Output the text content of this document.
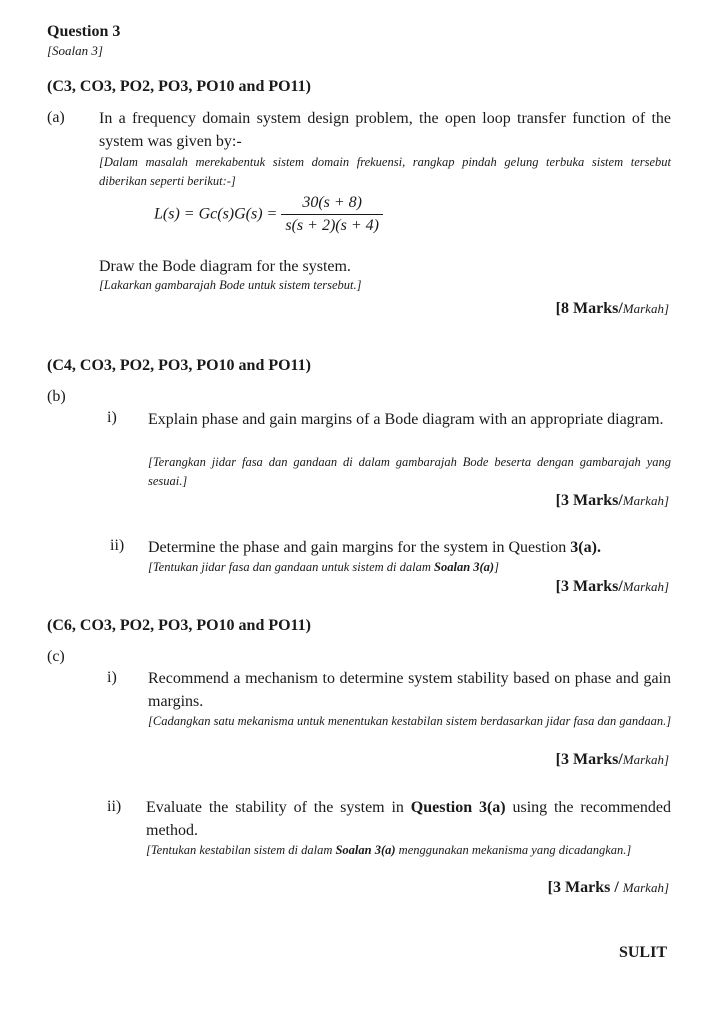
Question 3
[Soalan 3]
(C3, CO3, PO2, PO3, PO10 and PO11)
(a) In a frequency domain system design problem, the open loop transfer function of the system was given by:-
[Dalam masalah merekabentuk sistem domain frekuensi, rangkap pindah gelung terbuka sistem tersebut diberikan seperti berikut:-]
$L(s) = Gc(s)G(s) = \frac{30(s + 8)}{s(s + 2)(s + 4)}$
Draw the Bode diagram for the system.
[Lakarkan gambarajah Bode untuk sistem tersebut.]
[8 Marks/Markah]
(C4, CO3, PO2, PO3, PO10 and PO11)
(b)
i) Explain phase and gain margins of a Bode diagram with an appropriate diagram.
[Terangkan jidar fasa dan gandaan di dalam gambarajah Bode beserta dengan gambarajah yang sesuai.]
[3 Marks/Markah]
ii) Determine the phase and gain margins for the system in Question 3(a).
[Tentukan jidar fasa dan gandaan untuk sistem di dalam Soalan 3(a)]
[3 Marks/Markah]
(C6, CO3, PO2, PO3, PO10 and PO11)
(c)
i) Recommend a mechanism to determine system stability based on phase and gain margins.
[Cadangkan satu mekanisma untuk menentukan kestabilan sistem berdasarkan jidar fasa dan gandaan.]
[3 Marks/Markah]
ii) Evaluate the stability of the system in Question 3(a) using the recommended method.
[Tentukan kestabilan sistem di dalam Soalan 3(a) menggunakan mekanisma yang dicadangkan.]
[3 Marks / Markah]
SULIT
